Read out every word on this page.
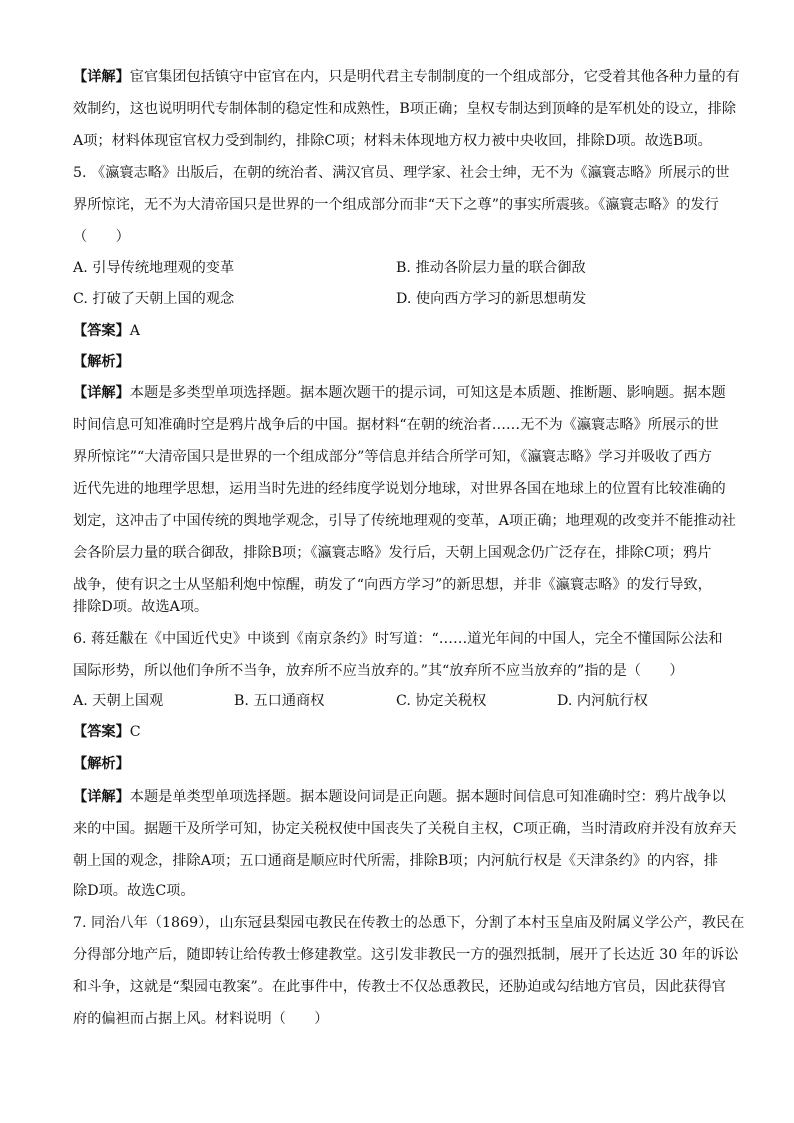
【详解】宦官集团包括镇守中宦官在内，只是明代君主专制制度的一个组成部分，它受着其他各种力量的有
效制约，这也说明明代专制体制的稳定性和成熟性，B项正确；皇权专制达到顶峰的是军机处的设立，排除
A项；材料体现宦官权力受到制约，排除C项；材料未体现地方权力被中央收回，排除D项。故选B项。
5. 《瀛寰志略》出版后，在朝的统治者、满汉官员、理学家、社会士绅，无不为《瀛寰志略》所展示的世
界所惊诧，无不为大清帝国只是世界的一个组成部分而非“天下之尊”的事实所震骇。《瀛寰志略》的发行
（　　）
A. 引导传统地理观的变革	B. 推动各阶层力量的联合御敌
C. 打破了天朝上国的观念	D. 使向西方学习的新思想萌发
【答案】A
【解析】
【详解】本题是多类型单项选择题。据本题次题干的提示词，可知这是本质题、推断题、影响题。据本题
时间信息可知准确时空是鸦片战争后的中国。据材料“在朝的统治者……无不为《瀛寰志略》所展示的世
界所惊诧”“大清帝国只是世界的一个组成部分”等信息并结合所学可知，《瀛寰志略》学习并吸收了西方
近代先进的地理学思想，运用当时先进的经纬度学说划分地球，对世界各国在地球上的位置有比较准确的
划定，这冲击了中国传统的舆地学观念，引导了传统地理观的变革，A项正确；地理观的改变并不能推动社
会各阶层力量的联合御敌，排除B项；《瀛寰志略》发行后，天朝上国观念仍广泛存在，排除C项；鸦片
战争，使有识之士从坚船利炮中惊醒，萌发了“向西方学习”的新思想，并非《瀛寰志略》的发行导致，
排除D项。故选A项。
6. 蒋廷黻在《中国近代史》中谈到《南京条约》时写道：“……道光年间的中国人，完全不懂国际公法和
国际形势，所以他们争所不当争，放弃所不应当放弃的。”其“放弃所不应当放弃的”指的是（　　）
A. 天朝上国观	B. 五口通商权	C. 协定关税权	D. 内河航行权
【答案】C
【解析】
【详解】本题是单类型单项选择题。据本题设问词是正向题。据本题时间信息可知准确时空：鸦片战争以
来的中国。据题干及所学可知，协定关税权使中国丧失了关税自主权，C项正确，当时清政府并没有放弃天
朝上国的观念，排除A项；五口通商是顺应时代所需，排除B项；内河航行权是《天津条约》的内容，排
除D项。故选C项。
7. 同治八年（1869），山东冠县梨园屯教民在传教士的怂恿下，分割了本村玉皇庙及附属义学公产，教民在
分得部分地产后，随即转让给传教士修建教堂。这引发非教民一方的强烈抵制，展开了长达近 30 年的诉讼
和斗争，这就是“梨园屯教案”。在此事件中，传教士不仅怂恿教民，还胁迫或勾结地方官员，因此获得官
府的偏袒而占据上风。材料说明（　　）
